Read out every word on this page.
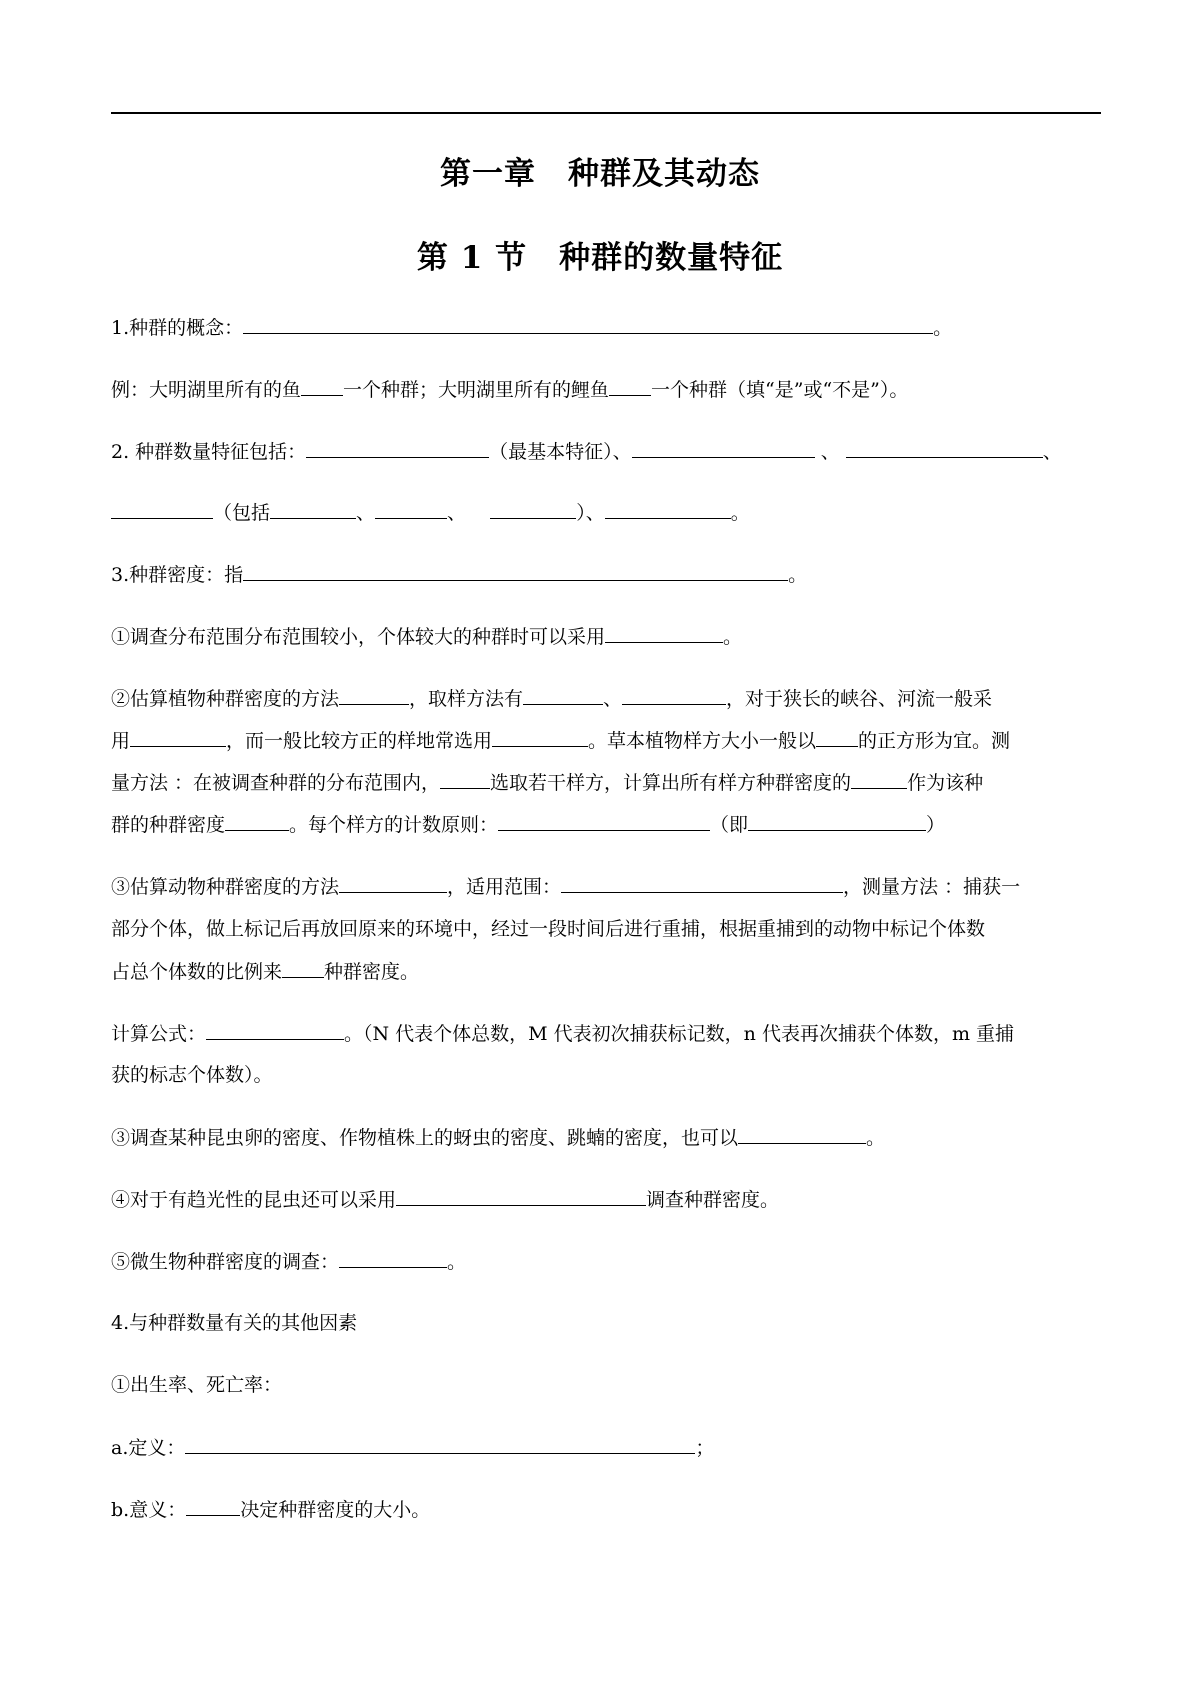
第一章　种群及其动态
第 1 节　种群的数量特征
1.种群的概念：	。
例：大明湖里所有的鱼 一个种群；大明湖里所有的鲤鱼 一个种群（填“是”或“不是”）。
2. 种群数量特征包括：	（最基本特征）、	、	、
（包括	、	、	）、	。
3.种群密度：指	。
①调查分布范围分布范围较小，个体较大的种群时可以采用	。
②估算植物种群密度的方法	，取样方法有	、	，对于狭长的峡谷、河流一般采
用	，而一般比较方正的样地常选用	。草本植物样方大小一般以 的正方形为宜。测
量方法 ：在被调查种群的分布范围内，	选取若干样方，计算出所有样方种群密度的	作为该种
群的种群密度	。每个样方的计数原则：	（即	）
③估算动物种群密度的方法	，适用范围：	，测量方法 ：捕获一
部分个体，做上标记后再放回原来的环境中，经过一段时间后进行重捕，根据重捕到的动物中标记个体数
占总个体数的比例来 种群密度。
计算公式：	。（N 代表个体总数，M 代表初次捕获标记数，n 代表再次捕获个体数，m 重捕
获的标志个体数）。
③调查某种昆虫卵的密度、作物植株上的蚜虫的密度、跳蝻的密度，也可以	。
④对于有趋光性的昆虫还可以采用	调查种群密度。
⑤微生物种群密度的调查：	。
4.与种群数量有关的其他因素
①出生率、死亡率：
a.定义：	；
b.意义：	决定种群密度的大小。
